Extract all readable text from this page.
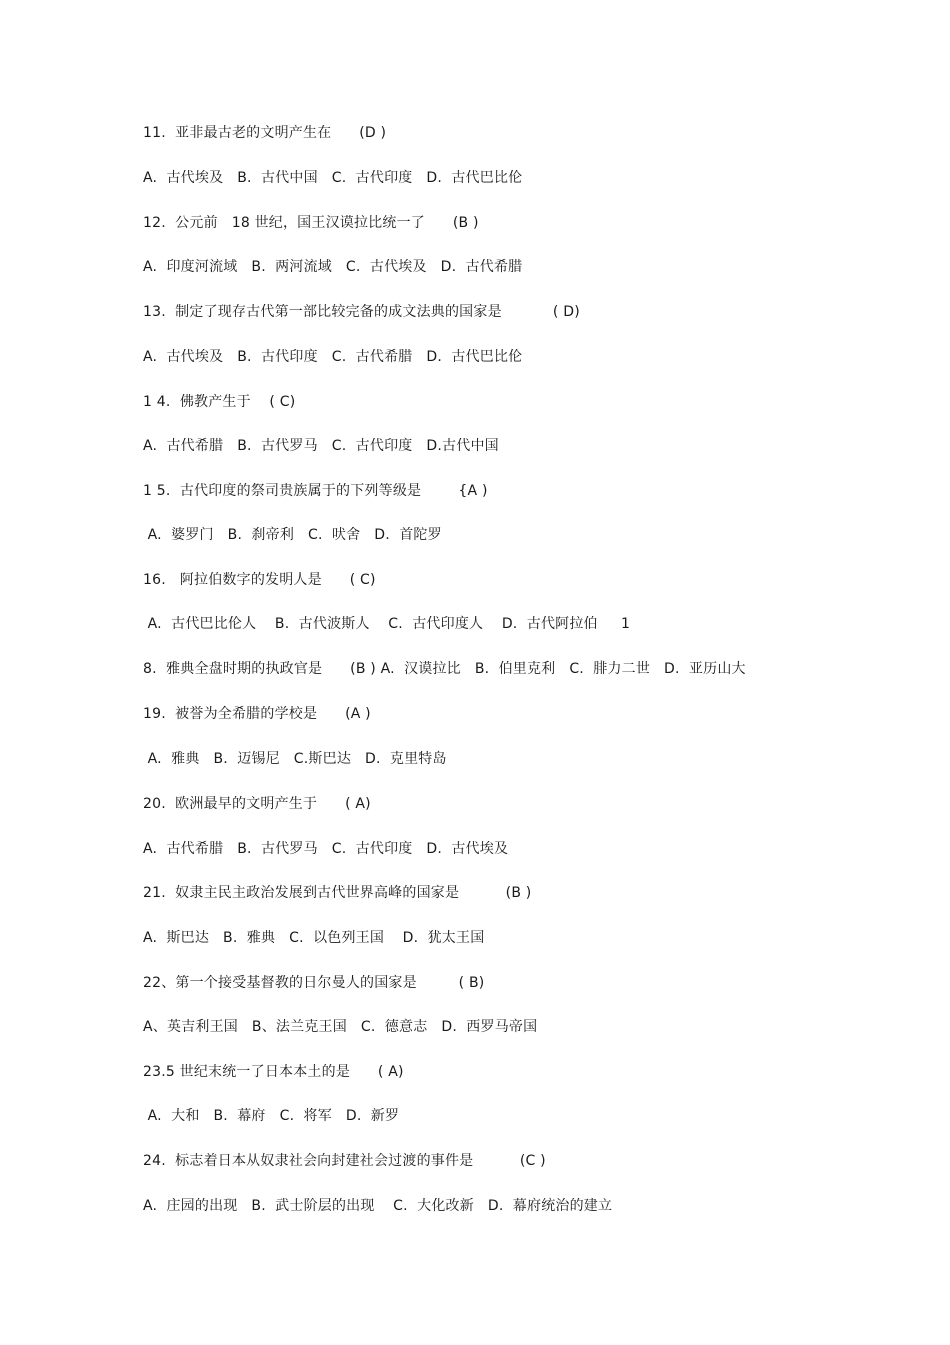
11.  亚非最古老的文明产生在      (D )
A.  古代埃及   B.  古代中国   C.  古代印度   D.  古代巴比伦
12.  公元前   18 世纪，国王汉谟拉比统一了      (B )
A.  印度河流域   B.  两河流域   C.  古代埃及   D.  古代希腊
13.  制定了现存古代第一部比较完备的成文法典的国家是           ( D)
A.  古代埃及   B.  古代印度   C.  古代希腊   D.  古代巴比伦
1 4.  佛教产生于    ( C)
A.  古代希腊   B.  古代罗马   C.  古代印度   D.古代中国
1 5.  古代印度的祭司贵族属于的下列等级是        {A )
A.  婆罗门   B.  刹帝利   C.  吠舍   D.  首陀罗
16.   阿拉伯数字的发明人是      ( C)
A.  古代巴比伦人    B.  古代波斯人    C.  古代印度人    D.  古代阿拉伯     1
8.  雅典全盘时期的执政官是      (B ) A.  汉谟拉比   B.  伯里克利   C.  腓力二世   D.  亚历山大
19.  被誉为全希腊的学校是      (A )
A.  雅典   B.  迈锡尼   C.斯巴达   D.  克里特岛
20.  欧洲最早的文明产生于      ( A)
A.  古代希腊   B.  古代罗马   C.  古代印度   D.  古代埃及
21.  奴隶主民主政治发展到古代世界高峰的国家是          (B )
A.  斯巴达   B.  雅典   C.  以色列王国    D.  犹太王国
22、第一个接受基督教的日尔曼人的国家是         ( B)
A、英吉利王国   B、法兰克王国   C.  德意志   D.  西罗马帝国
23.5 世纪末统一了日本本土的是      ( A)
A.  大和   B.  幕府   C.  将军   D.  新罗
24.  标志着日本从奴隶社会向封建社会过渡的事件是          (C )
A.  庄园的出现   B.  武士阶层的出现    C.  大化改新   D.  幕府统治的建立
